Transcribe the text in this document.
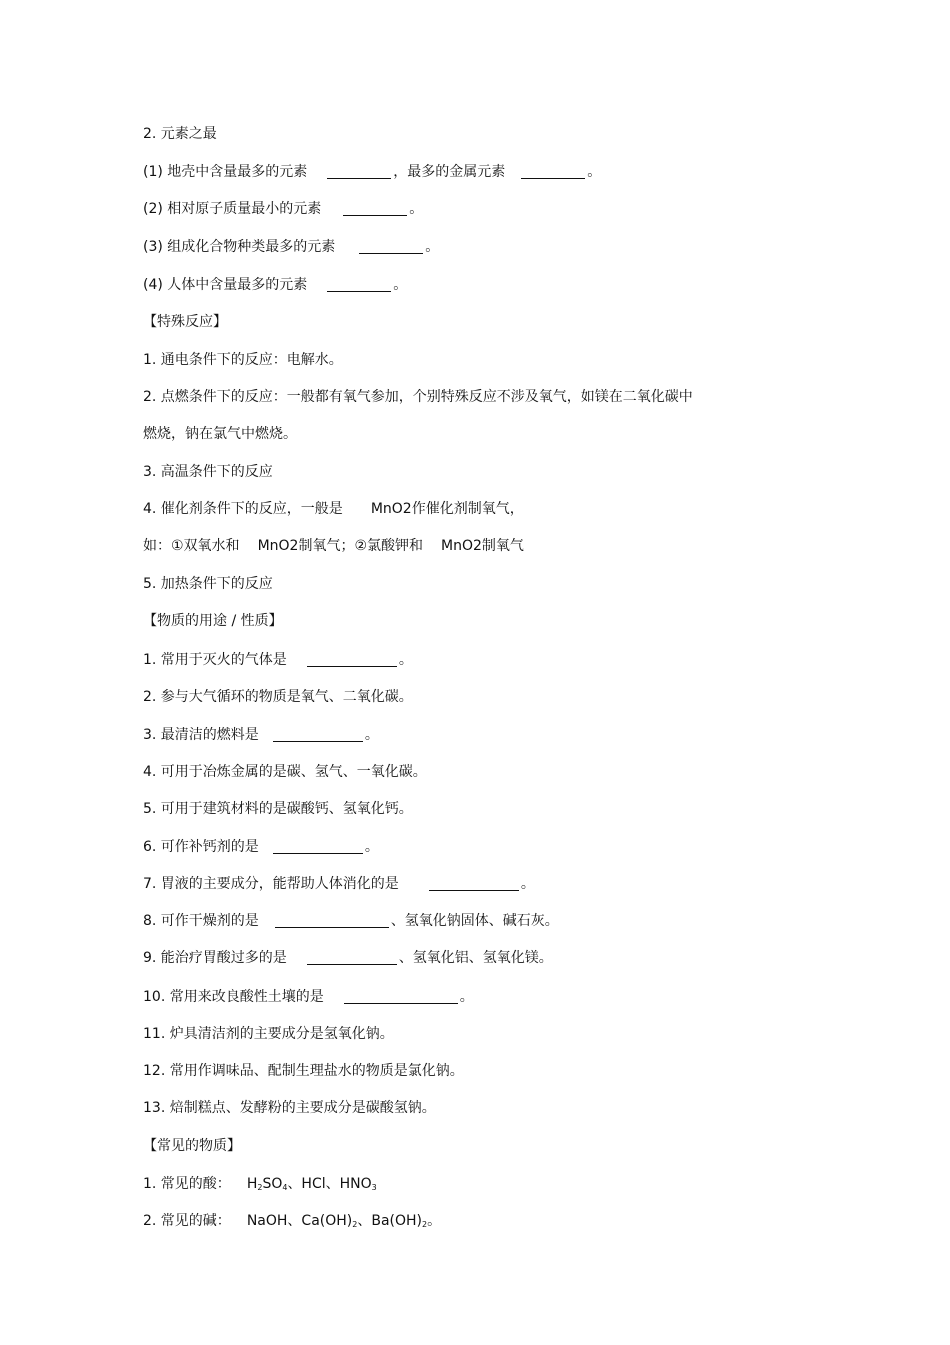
2. 元素之最
(1) 地壳中含量最多的元素	，最多的金属元素	。
(2) 相对原子质量最小的元素	。
(3) 组成化合物种类最多的元素	。
(4) 人体中含量最多的元素	。
【特殊反应】
1. 通电条件下的反应：电解水。
2. 点燃条件下的反应：一般都有氧气参加，个别特殊反应不涉及氧气，如镁在二氧化碳中
燃烧，钠在氯气中燃烧。
3. 高温条件下的反应
4. 催化剂条件下的反应，一般是 MnO2作催化剂制氧气，
如：①双氧水和 MnO2制氧气；②氯酸钾和 MnO2制氧气
5. 加热条件下的反应
【物质的用途 / 性质】
1. 常用于灭火的气体是	。
2. 参与大气循环的物质是氧气、二氧化碳。
3. 最清洁的燃料是	。
4. 可用于冶炼金属的是碳、氢气、一氧化碳。
5. 可用于建筑材料的是碳酸钙、氢氧化钙。
6. 可作补钙剂的是	。
7. 胃液的主要成分，能帮助人体消化的是	。
8. 可作干燥剂的是	、氢氧化钠固体、碱石灰。
9. 能治疗胃酸过多的是	、氢氧化铝、氢氧化镁。
10. 常用来改良酸性土壤的是	。
11. 炉具清洁剂的主要成分是氢氧化钠。
12. 常用作调味品、配制生理盐水的物质是氯化钠。
13. 焙制糕点、发酵粉的主要成分是碳酸氢钠。
【常见的物质】
1. 常见的酸： $H_2SO_4$、HCl、$HNO_3$
2. 常见的碱： NaOH、$Ca(OH)_2$、$Ba(OH)_2$。
